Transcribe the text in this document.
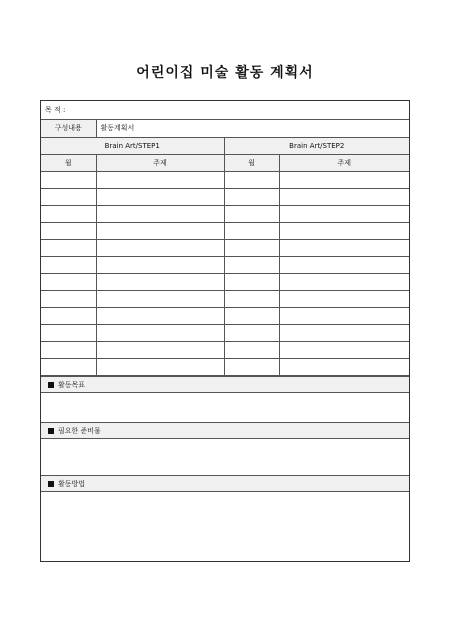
어린이집 미술 활동 계획서
목 적 :			
구성내용	활동계획서		
Brain Art/STEP1		Brain Art/STEP2	
월	주제	월	주제

활동목표
필요한 준비물
활동방법
